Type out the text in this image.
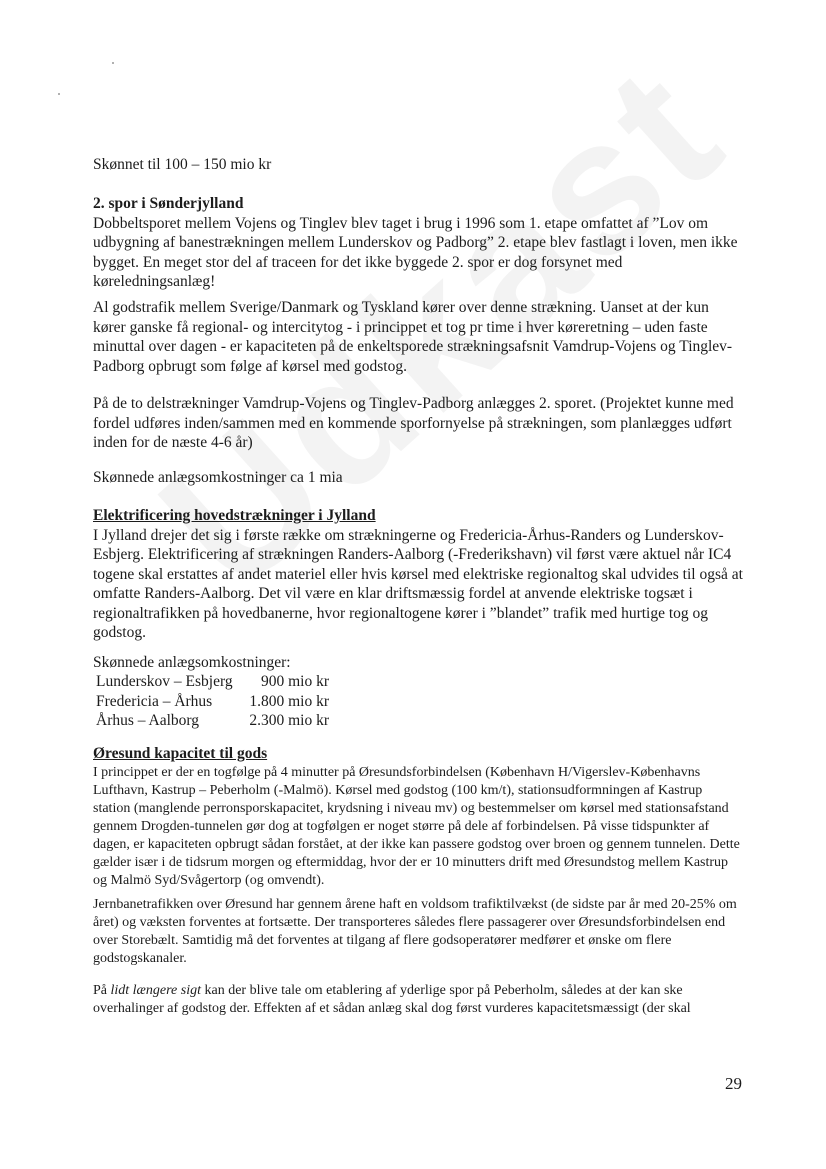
Skønnet til 100 – 150 mio kr

2. spor i Sønderjylland

Dobbeltsporet mellem Vojens og Tinglev blev taget i brug i 1996 som 1. etape omfattet af ”Lov om udbygning af banestrækningen mellem Lunderskov og Padborg” 2. etape blev fastlagt i loven, men ikke bygget. En meget stor del af traceen for det ikke byggede 2. spor er dog forsynet med køreledningsanlæg!

Al godstrafik mellem Sverige/Danmark og Tyskland kører over denne strækning. Uanset at der kun kører ganske få regional- og intercitytog - i princippet et tog pr time i hver køreretning – uden faste minuttal over dagen - er kapaciteten på de enkeltsporede strækningsafsnit Vamdrup-Vojens og Tinglev-Padborg opbrugt som følge af kørsel med godstog.

På de to delstrækninger Vamdrup-Vojens og Tinglev-Padborg anlægges 2. sporet. (Projektet kunne med fordel udføres inden/sammen med en kommende sporfornyelse på strækningen, som planlægges udført inden for de næste 4-6 år)

Skønnede anlægsomkostninger ca 1 mia

Elektrificering hovedstrækninger i Jylland

I Jylland drejer det sig i første række om strækningerne og Fredericia-Århus-Randers og Lunderskov-Esbjerg. Elektrificering af strækningen Randers-Aalborg (-Frederikshavn) vil først være aktuel når IC4 togene skal erstattes af andet materiel eller hvis kørsel med elektriske regionaltog skal udvides til også at omfatte Randers-Aalborg. Det vil være en klar driftsmæssig fordel at anvende elektriske togsæt i regionaltrafikken på hovedbanerne, hvor regionaltogene kører i ”blandet” trafik med hurtige tog og godstog.

Skønnede anlægsomkostninger:

Lunderskov – Esbjerg	900 mio kr
Fredericia – Århus	1.800 mio kr
Århus – Aalborg	2.300 mio kr

Øresund kapacitet til gods

I princippet er der en togfølge på 4 minutter på Øresundsforbindelsen (København H/Vigerslev-Københavns Lufthavn, Kastrup – Peberholm (-Malmö). Kørsel med godstog (100 km/t), stationsudformningen af Kastrup station (manglende perronsporskapacitet, krydsning i niveau mv) og bestemmelser om kørsel med stationsafstand gennem Drogden-tunnelen gør dog at togfølgen er noget større på dele af forbindelsen. På visse tidspunkter af dagen, er kapaciteten opbrugt sådan forstået, at der ikke kan passere godstog over broen og gennem tunnelen. Dette gælder især i de tidsrum morgen og eftermiddag, hvor der er 10 minutters drift med Øresundstog mellem Kastrup og Malmö Syd/Svågertorp (og omvendt).

Jernbanetrafikken over Øresund har gennem årene haft en voldsom trafiktilvækst (de sidste par år med 20-25% om året) og væksten forventes at fortsætte. Der transporteres således flere passagerer over Øresundsforbindelsen end over Storebælt. Samtidig må det forventes at tilgang af flere godsoperatører medfører et ønske om flere godstogskanaler.

På lidt længere sigt kan der blive tale om etablering af yderlige spor på Peberholm, således at der kan ske overhalinger af godstog der. Effekten af et sådan anlæg skal dog først vurderes kapacitetsmæssigt (der skal

29
